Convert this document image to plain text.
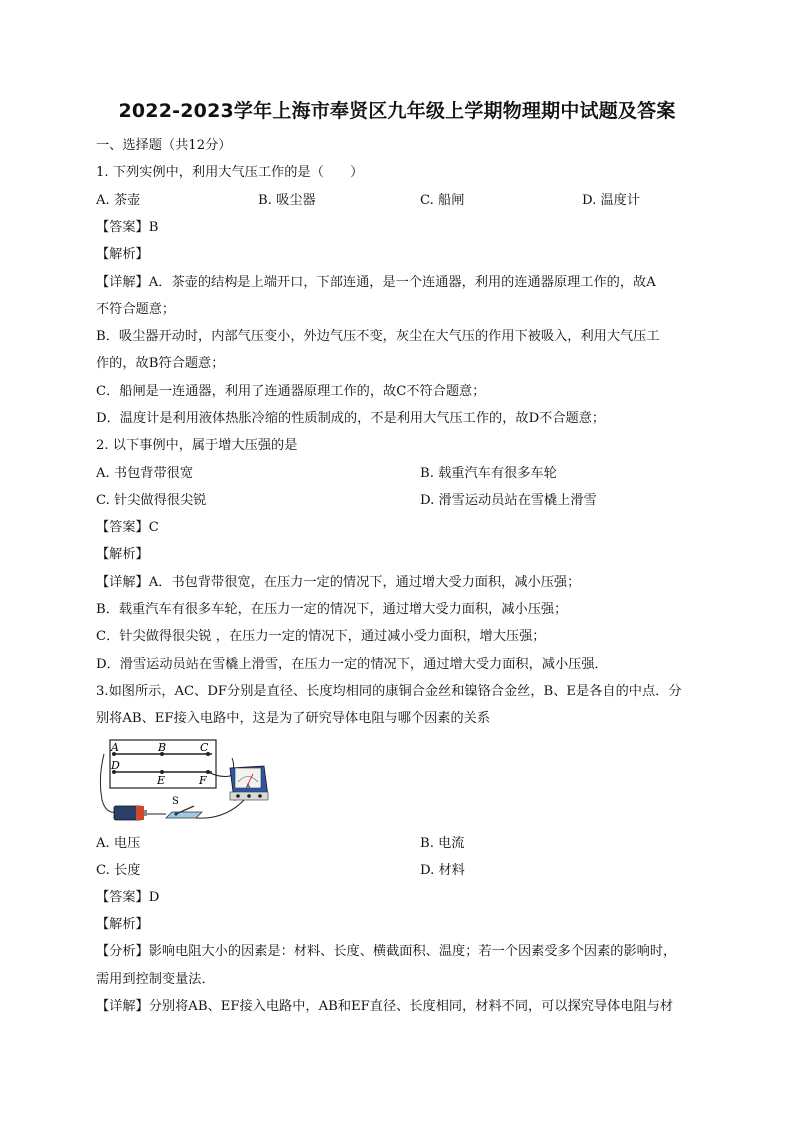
2022-2023学年上海市奉贤区九年级上学期物理期中试题及答案
一、选择题（共12分）
1. 下列实例中，利用大气压工作的是（　　）
A. 茶壶	B. 吸尘器	C. 船闸	D. 温度计
【答案】B
【解析】
【详解】A．茶壶的结构是上端开口，下部连通，是一个连通器，利用的连通器原理工作的，故A
不符合题意；
B．吸尘器开动时，内部气压变小，外边气压不变，灰尘在大气压的作用下被吸入，利用大气压工
作的，故B符合题意；
C．船闸是一连通器，利用了连通器原理工作的，故C不符合题意；
D．温度计是利用液体热胀冷缩的性质制成的，不是利用大气压工作的，故D不合题意；
2. 以下事例中，属于增大压强的是
A. 书包背带很宽	B. 载重汽车有很多车轮
C. 针尖做得很尖锐	D. 滑雪运动员站在雪橇上滑雪
【答案】C
【解析】
【详解】A．书包背带很宽，在压力一定的情况下，通过增大受力面积，减小压强；
B．载重汽车有很多车轮，在压力一定的情况下，通过增大受力面积，减小压强；
C．针尖做得很尖锐 ，在压力一定的情况下，通过减小受力面积，增大压强；
D．滑雪运动员站在雪橇上滑雪，在压力一定的情况下，通过增大受力面积，减小压强．
3.如图所示，AC、DF分别是直径、长度均相同的康铜合金丝和镍铬合金丝，B、E是各自的中点．分
别将AB、EF接入电路中，这是为了研究导体电阻与哪个因素的关系
A	B	C
D
E	F
S
A
A. 电压	B. 电流
C. 长度	D. 材料
【答案】D
【解析】
【分析】影响电阻大小的因素是：材料、长度、横截面积、温度；若一个因素受多个因素的影响时，
需用到控制变量法．
【详解】分别将AB、EF接入电路中，AB和EF直径、长度相同，材料不同，可以探究导体电阻与材
